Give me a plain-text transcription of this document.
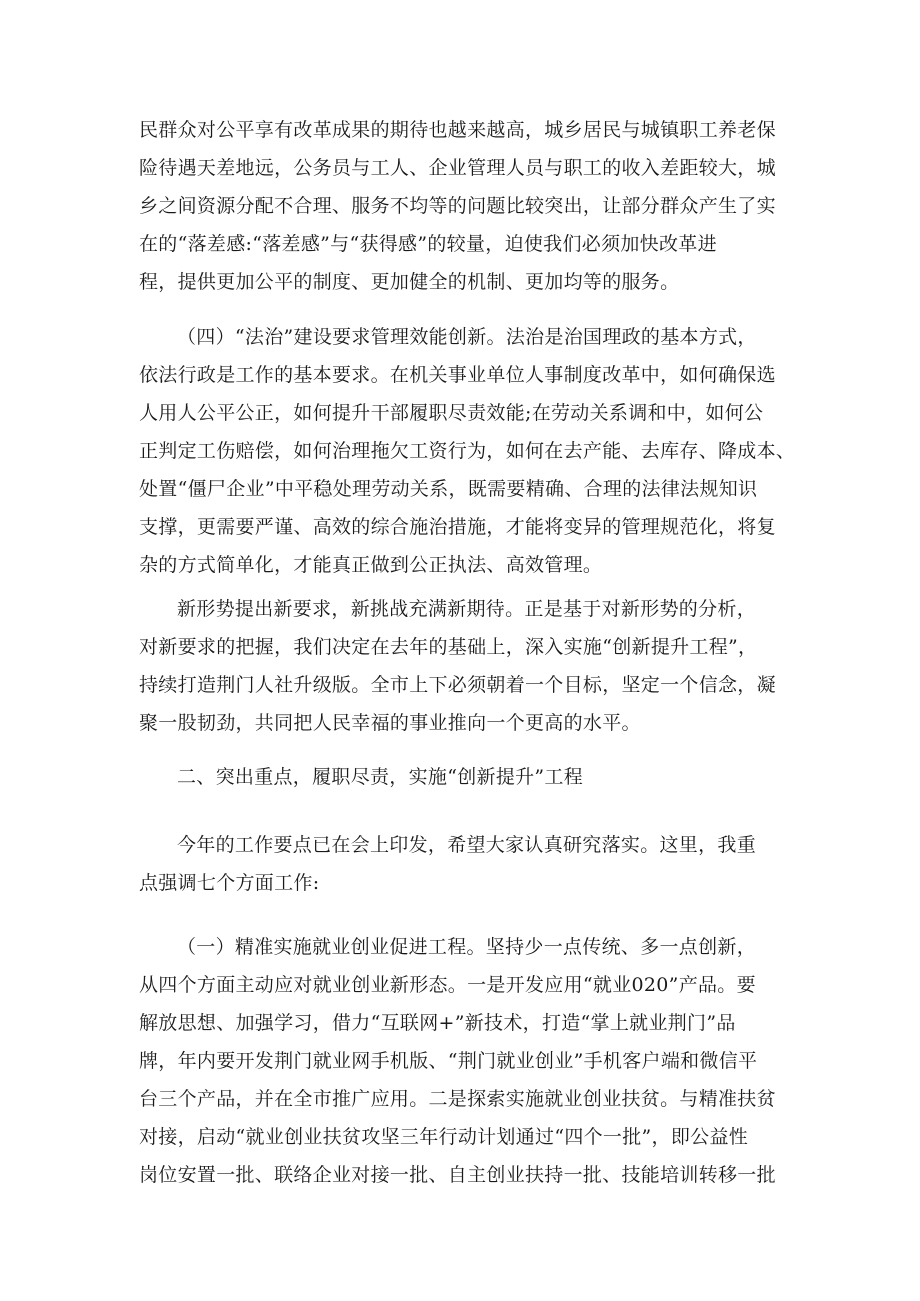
民群众对公平享有改革成果的期待也越来越高，城乡居民与城镇职工养老保
险待遇天差地远，公务员与工人、企业管理人员与职工的收入差距较大，城
乡之间资源分配不合理、服务不均等的问题比较突出，让部分群众产生了实
在的“落差感:“落差感”与“获得感”的较量，迫使我们必须加快改革进
程，提供更加公平的制度、更加健全的机制、更加均等的服务。
（四）“法治”建设要求管理效能创新。法治是治国理政的基本方式，
依法行政是工作的基本要求。在机关事业单位人事制度改革中，如何确保选
人用人公平公正，如何提升干部履职尽责效能;在劳动关系调和中，如何公
正判定工伤赔偿，如何治理拖欠工资行为，如何在去产能、去库存、降成本、
处置“僵尸企业”中平稳处理劳动关系，既需要精确、合理的法律法规知识
支撑，更需要严谨、高效的综合施治措施，才能将变异的管理规范化，将复
杂的方式简单化，才能真正做到公正执法、高效管理。
新形势提出新要求，新挑战充满新期待。正是基于对新形势的分析，
对新要求的把握，我们决定在去年的基础上，深入实施“创新提升工程”，
持续打造荆门人社升级版。全市上下必须朝着一个目标，坚定一个信念，凝
聚一股韧劲，共同把人民幸福的事业推向一个更高的水平。
二、突出重点，履职尽责，实施“创新提升”工程
今年的工作要点已在会上印发，希望大家认真研究落实。这里，我重
点强调七个方面工作:
（一）精准实施就业创业促进工程。坚持少一点传统、多一点创新，
从四个方面主动应对就业创业新形态。一是开发应用“就业020”产品。要
解放思想、加强学习，借力“互联网+”新技术，打造“掌上就业荆门”品
牌，年内要开发荆门就业网手机版、“荆门就业创业”手机客户端和微信平
台三个产品，并在全市推广应用。二是探索实施就业创业扶贫。与精准扶贫
对接，启动“就业创业扶贫攻坚三年行动计划通过“四个一批”，即公益性
岗位安置一批、联络企业对接一批、自主创业扶持一批、技能培训转移一批
